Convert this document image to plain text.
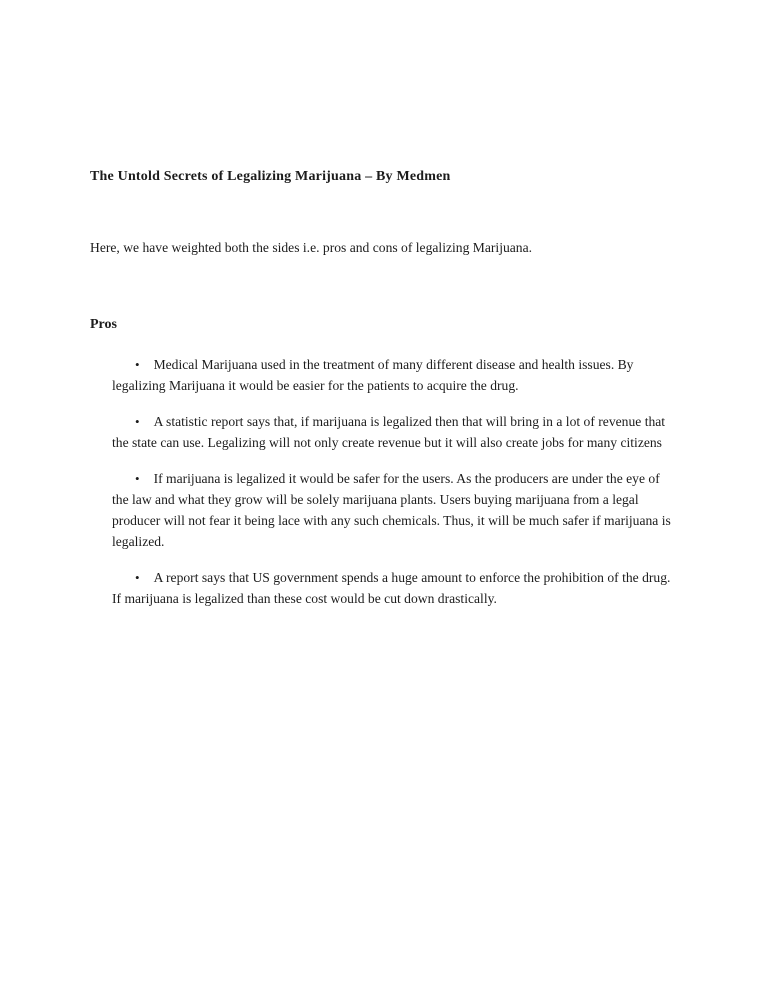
The Untold Secrets of Legalizing Marijuana – By Medmen

Here, we have weighted both the sides i.e. pros and cons of legalizing Marijuana.

Pros

• Medical Marijuana used in the treatment of many different disease and health issues. By legalizing Marijuana it would be easier for the patients to acquire the drug.

• A statistic report says that, if marijuana is legalized then that will bring in a lot of revenue that the state can use. Legalizing will not only create revenue but it will also create jobs for many citizens

• If marijuana is legalized it would be safer for the users. As the producers are under the eye of the law and what they grow will be solely marijuana plants. Users buying marijuana from a legal producer will not fear it being lace with any such chemicals. Thus, it will be much safer if marijuana is legalized.

• A report says that US government spends a huge amount to enforce the prohibition of the drug. If marijuana is legalized than these cost would be cut down drastically.
